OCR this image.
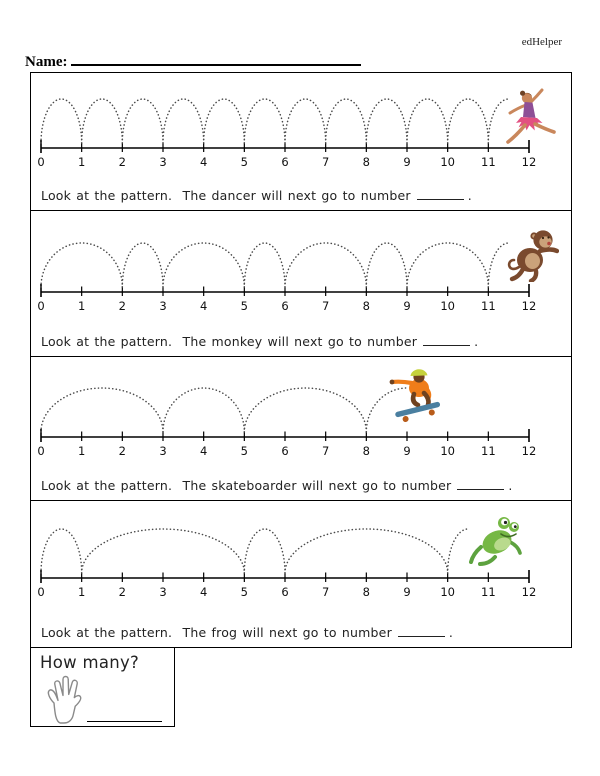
edHelper
Name:
0	1	2	3	4	5	6	7	8	9	10 11 12
Look at the pattern.  The dancer will next go to number	.
0	1	2	3	4	5	6	7	8	9	10 11 12
Look at the pattern.  The monkey will next go to number	.
0	1	2	3	4	5	6	7	8	9	10 11 12
Look at the pattern.  The skateboarder will next go to number	.
0	1	2	3	4	5	6	7	8	9	10 11 12
Look at the pattern.  The frog will next go to number	.
How many?
